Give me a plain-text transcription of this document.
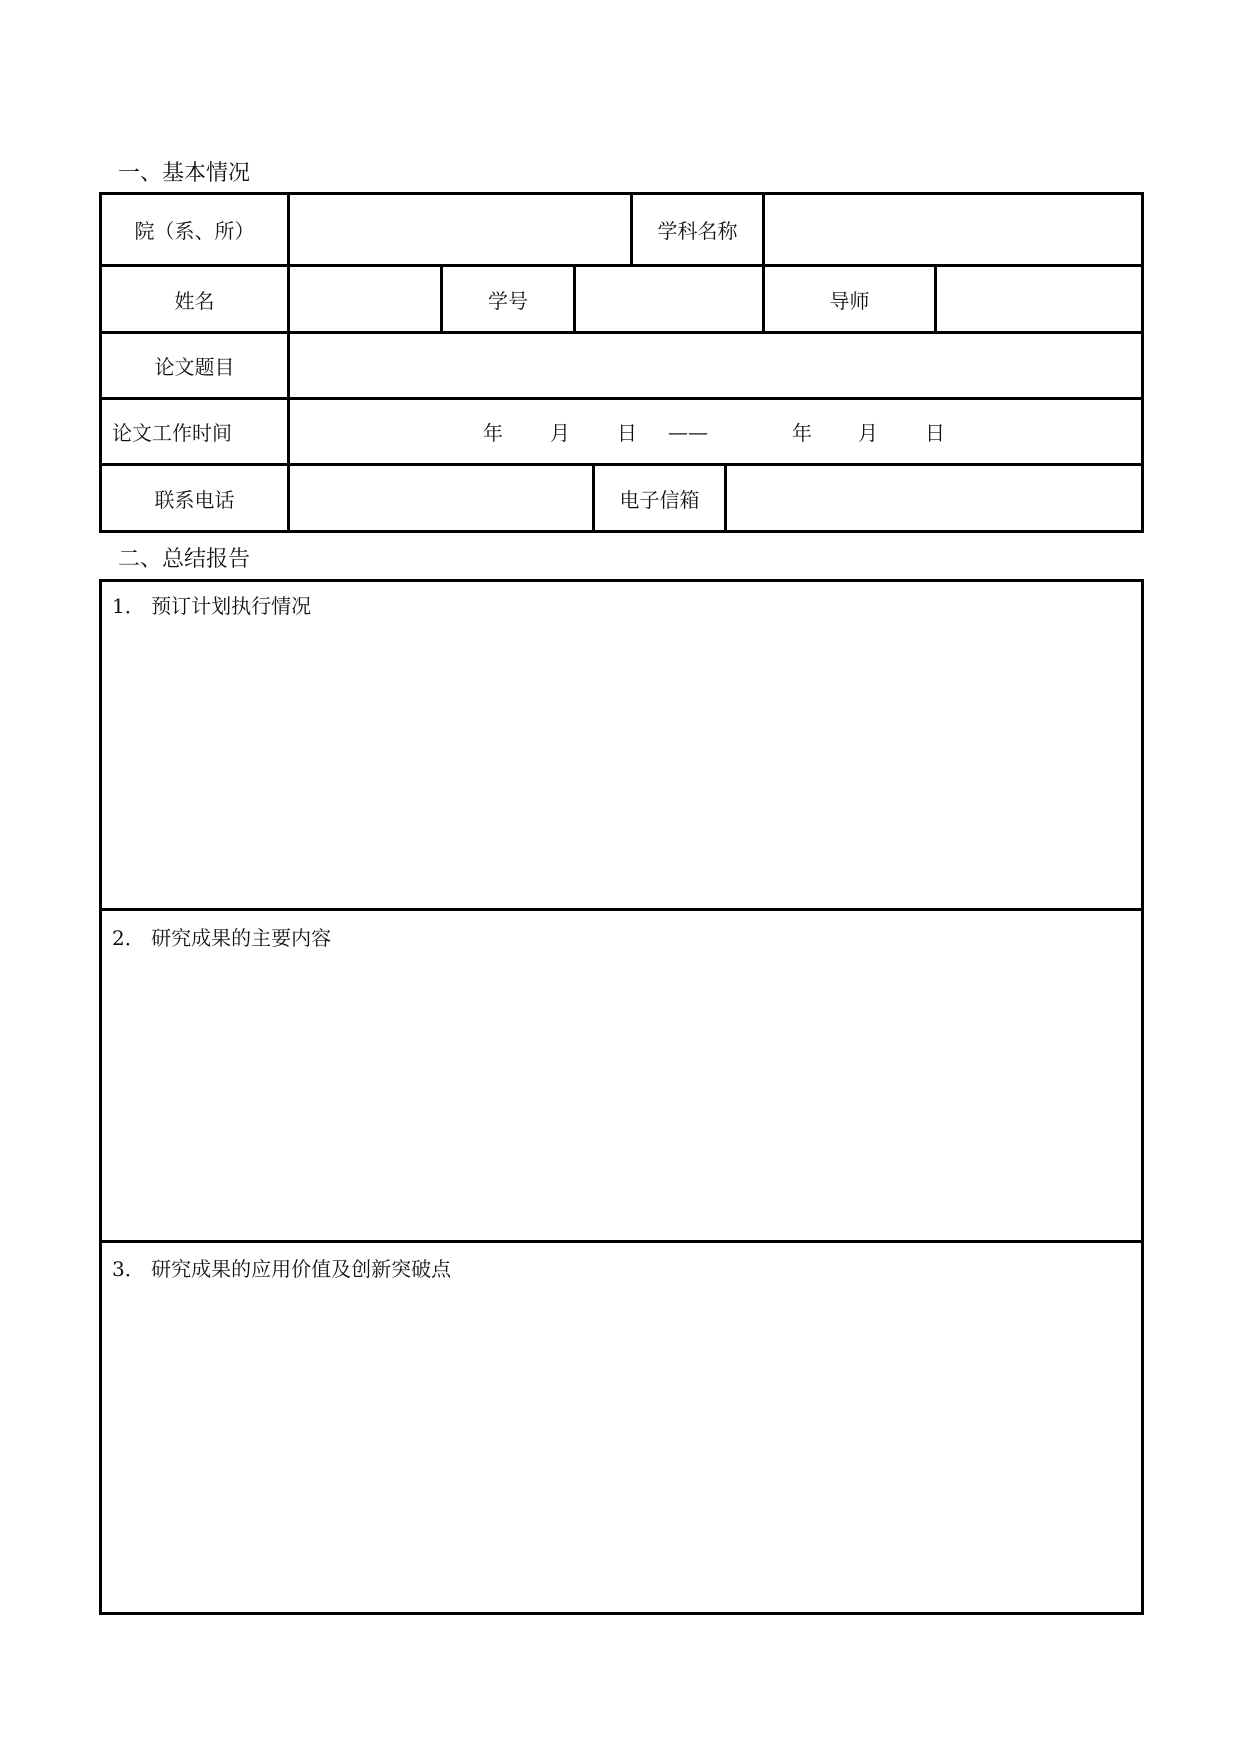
一、基本情况
院（系、所）	学科名称
姓名	学号	导师
论文题目
论文工作时间	年 月 日 ——	年 月 日
联系电话	电子信箱
二、总结报告
1． 预订计划执行情况
2． 研究成果的主要内容
3． 研究成果的应用价值及创新突破点
